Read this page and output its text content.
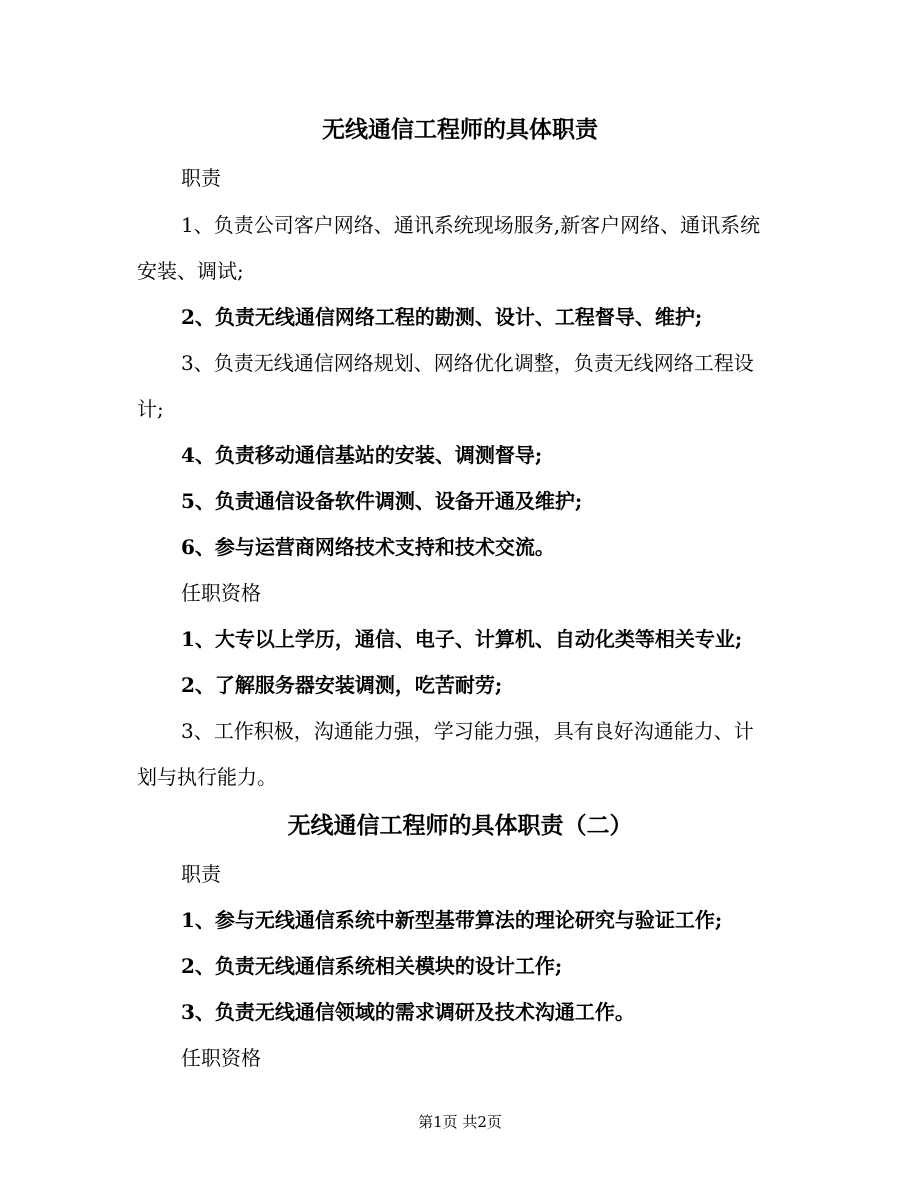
无线通信工程师的具体职责
职责
1、负责公司客户网络、通讯系统现场服务,新客户网络、通讯系统
安装、调试;
2、负责无线通信网络工程的勘测、设计、工程督导、维护;
3、负责无线通信网络规划、网络优化调整，负责无线网络工程设
计;
4、负责移动通信基站的安装、调测督导;
5、负责通信设备软件调测、设备开通及维护;
6、参与运营商网络技术支持和技术交流。
任职资格
1、大专以上学历，通信、电子、计算机、自动化类等相关专业;
2、了解服务器安装调测，吃苦耐劳;
3、工作积极，沟通能力强，学习能力强，具有良好沟通能力、计
划与执行能力。
无线通信工程师的具体职责（二）
职责
1、参与无线通信系统中新型基带算法的理论研究与验证工作;
2、负责无线通信系统相关模块的设计工作;
3、负责无线通信领域的需求调研及技术沟通工作。
任职资格
第1页 共2页
